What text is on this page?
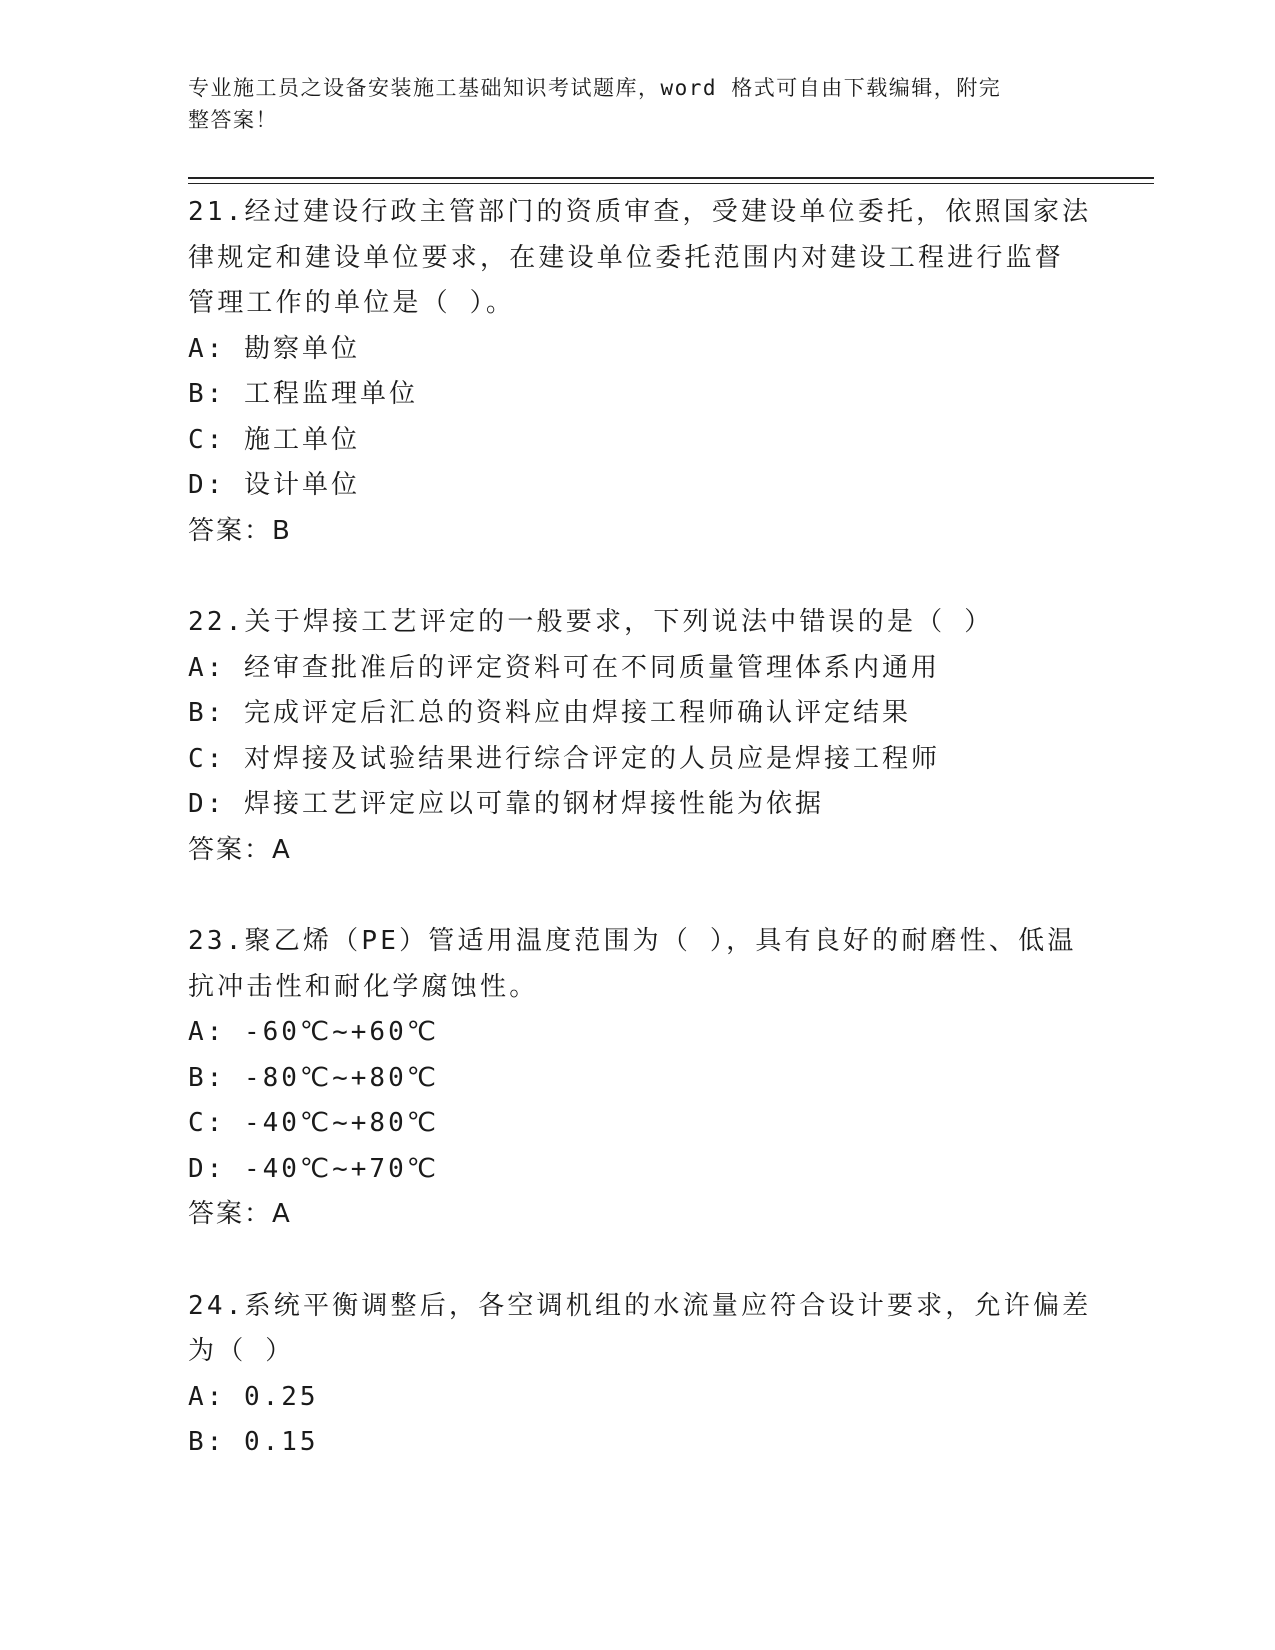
专业施工员之设备安装施工基础知识考试题库，word 格式可自由下载编辑，附完
整答案！
21.经过建设行政主管部门的资质审查，受建设单位委托，依照国家法
律规定和建设单位要求，在建设单位委托范围内对建设工程进行监督
管理工作的单位是（ ）。
A: 勘察单位
B: 工程监理单位
C: 施工单位
D: 设计单位
答案：B
22.关于焊接工艺评定的一般要求，下列说法中错误的是（ ）
A: 经审查批准后的评定资料可在不同质量管理体系内通用
B: 完成评定后汇总的资料应由焊接工程师确认评定结果
C: 对焊接及试验结果进行综合评定的人员应是焊接工程师
D: 焊接工艺评定应以可靠的钢材焊接性能为依据
答案：A
23.聚乙烯（PE）管适用温度范围为（ ），具有良好的耐磨性、低温
抗冲击性和耐化学腐蚀性。
A: -60℃~+60℃
B: -80℃~+80℃
C: -40℃~+80℃
D: -40℃~+70℃
答案：A
24.系统平衡调整后，各空调机组的水流量应符合设计要求，允许偏差
为（ ）
A: 0.25
B: 0.15
